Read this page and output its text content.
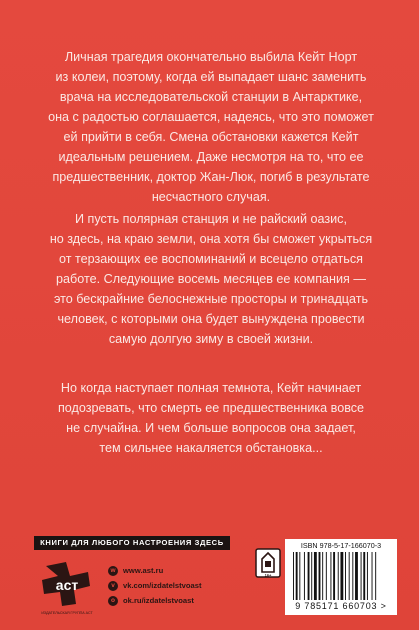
Личная трагедия окончательно выбила Кейт Норт
из колеи, поэтому, когда ей выпадает шанс заменить
врача на исследовательской станции в Антарктике,
она с радостью соглашается, надеясь, что это поможет
ей прийти в себя. Смена обстановки кажется Кейт
идеальным решением. Даже несмотря на то, что ее
предшественник, доктор Жан-Люк, погиб в результате
несчастного случая.

И пусть полярная станция и не райский оазис,
но здесь, на краю земли, она хотя бы сможет укрыться
от терзающих ее воспоминаний и всецело отдаться
работе. Следующие восемь месяцев ее компания —
это бескрайние белоснежные просторы и тринадцать
человек, с которыми она будет вынуждена провести
самую долгую зиму в своей жизни.

Но когда наступает полная темнота, Кейт начинает
подозревать, что смерть ее предшественника вовсе
не случайна. И чем больше вопросов она задает,
тем сильнее накаляется обстановка...

КНИГИ ДЛЯ ЛЮБОГО НАСТРОЕНИЯ ЗДЕСЬ
аст
ИЗДАТЕЛЬСКАЯ ГРУППА АСТ
w www.ast.ru
v	vk.com/izdatelstvoast
o	ok.ru/izdatelstvoast
16+
ISBN 978-5-17-166070-3
9 785171 660703 >
